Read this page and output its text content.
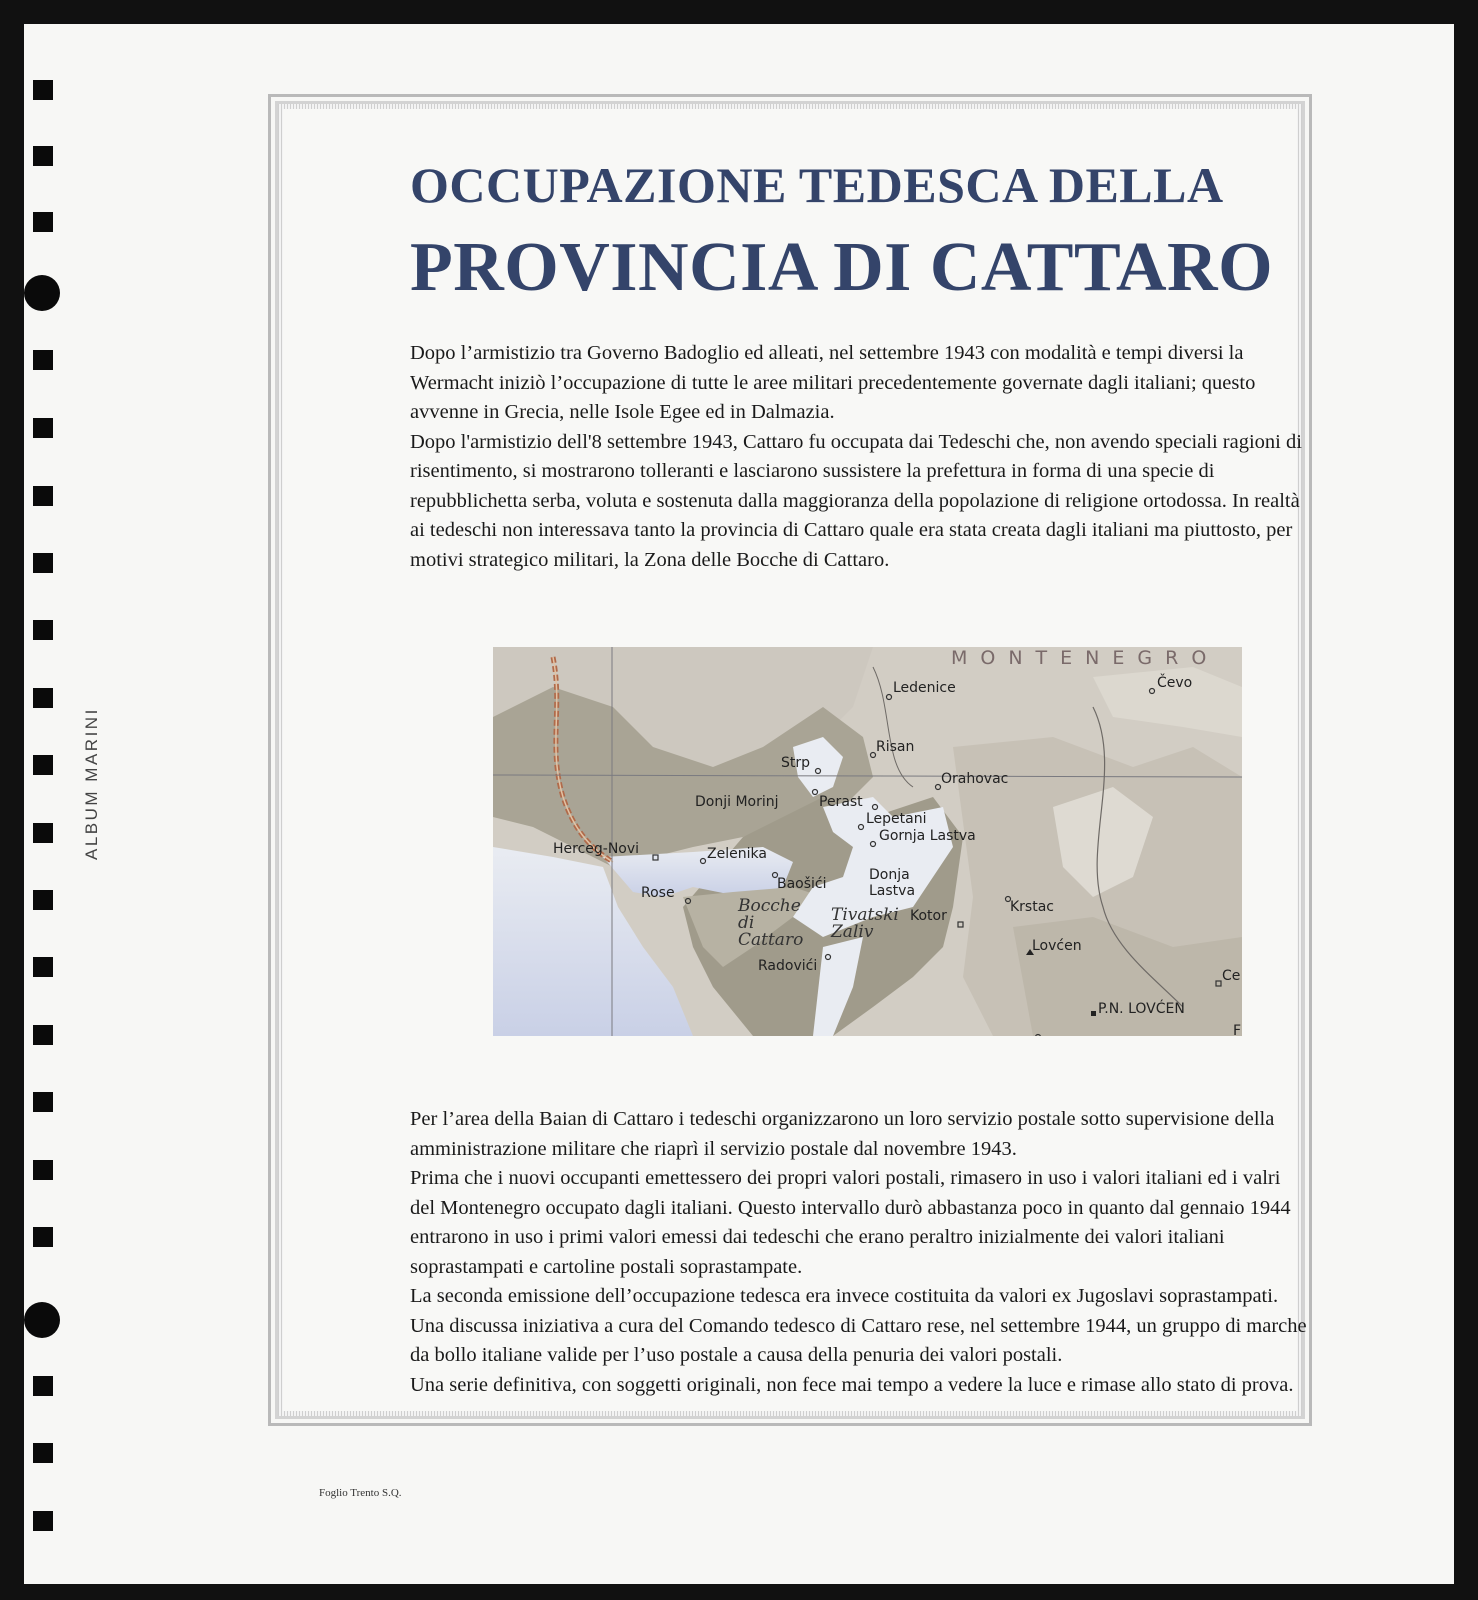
ALBUM MARINI
OCCUPAZIONE TEDESCA DELLA
PROVINCIA DI CATTARO

Dopo l’armistizio tra Governo Badoglio ed alleati, nel settembre 1943 con modalità e tempi diversi la Wermacht iniziò l’occupazione di tutte le aree militari precedentemente governate dagli italiani; questo avvenne in Grecia, nelle Isole Egee ed in Dalmazia.

Dopo l'armistizio dell'8 settembre 1943, Cattaro fu occupata dai Tedeschi che, non avendo speciali ragioni di risentimento, si mostrarono tolleranti e lasciarono sussistere la prefettura in forma di una specie di repubblichetta serba, voluta e sostenuta dalla maggioranza della popolazione di religione ortodossa. In realtà ai tedeschi non interessava tanto la provincia di Cattaro quale era stata creata dagli italiani ma piuttosto, per motivi strategico militari, la Zona delle Bocche di Cattaro.

MONTENEGRO
Ledenice	Čevo
Risan
Strp
Orahovac
Donji Morinj	Perast
Lepetani
Gornja Lastva
Herceg-Novi	Zelenika
Baošići
Donja
Lastva
Rose
Kotor
Krstac
Lovćen
Radovići
P.N. LOVĆEN
Ce
F
Bocche
di
Cattaro
Tivatski
Zaliv

Per l’area della Baian di Cattaro i tedeschi organizzarono un loro servizio postale sotto supervisione della amministrazione militare che riaprì il servizio postale dal novembre 1943.

Prima che i nuovi occupanti emettessero dei propri valori postali, rimasero in uso i valori italiani ed i valri del Montenegro occupato dagli italiani. Questo intervallo durò abbastanza poco in quanto dal gennaio 1944 entrarono in uso i primi valori emessi dai tedeschi che erano peraltro inizialmente dei valori italiani soprastampati e cartoline postali soprastampate.

La seconda emissione dell’occupazione tedesca era invece costituita da valori ex Jugoslavi soprastampati.

Una discussa iniziativa a cura del Comando tedesco di Cattaro rese, nel settembre 1944, un gruppo di marche da bollo italiane valide per l’uso postale a causa della penuria dei valori postali.

Una serie definitiva, con soggetti originali, non fece mai tempo a vedere la luce e rimase allo stato di prova.

Foglio Trento S.Q.
